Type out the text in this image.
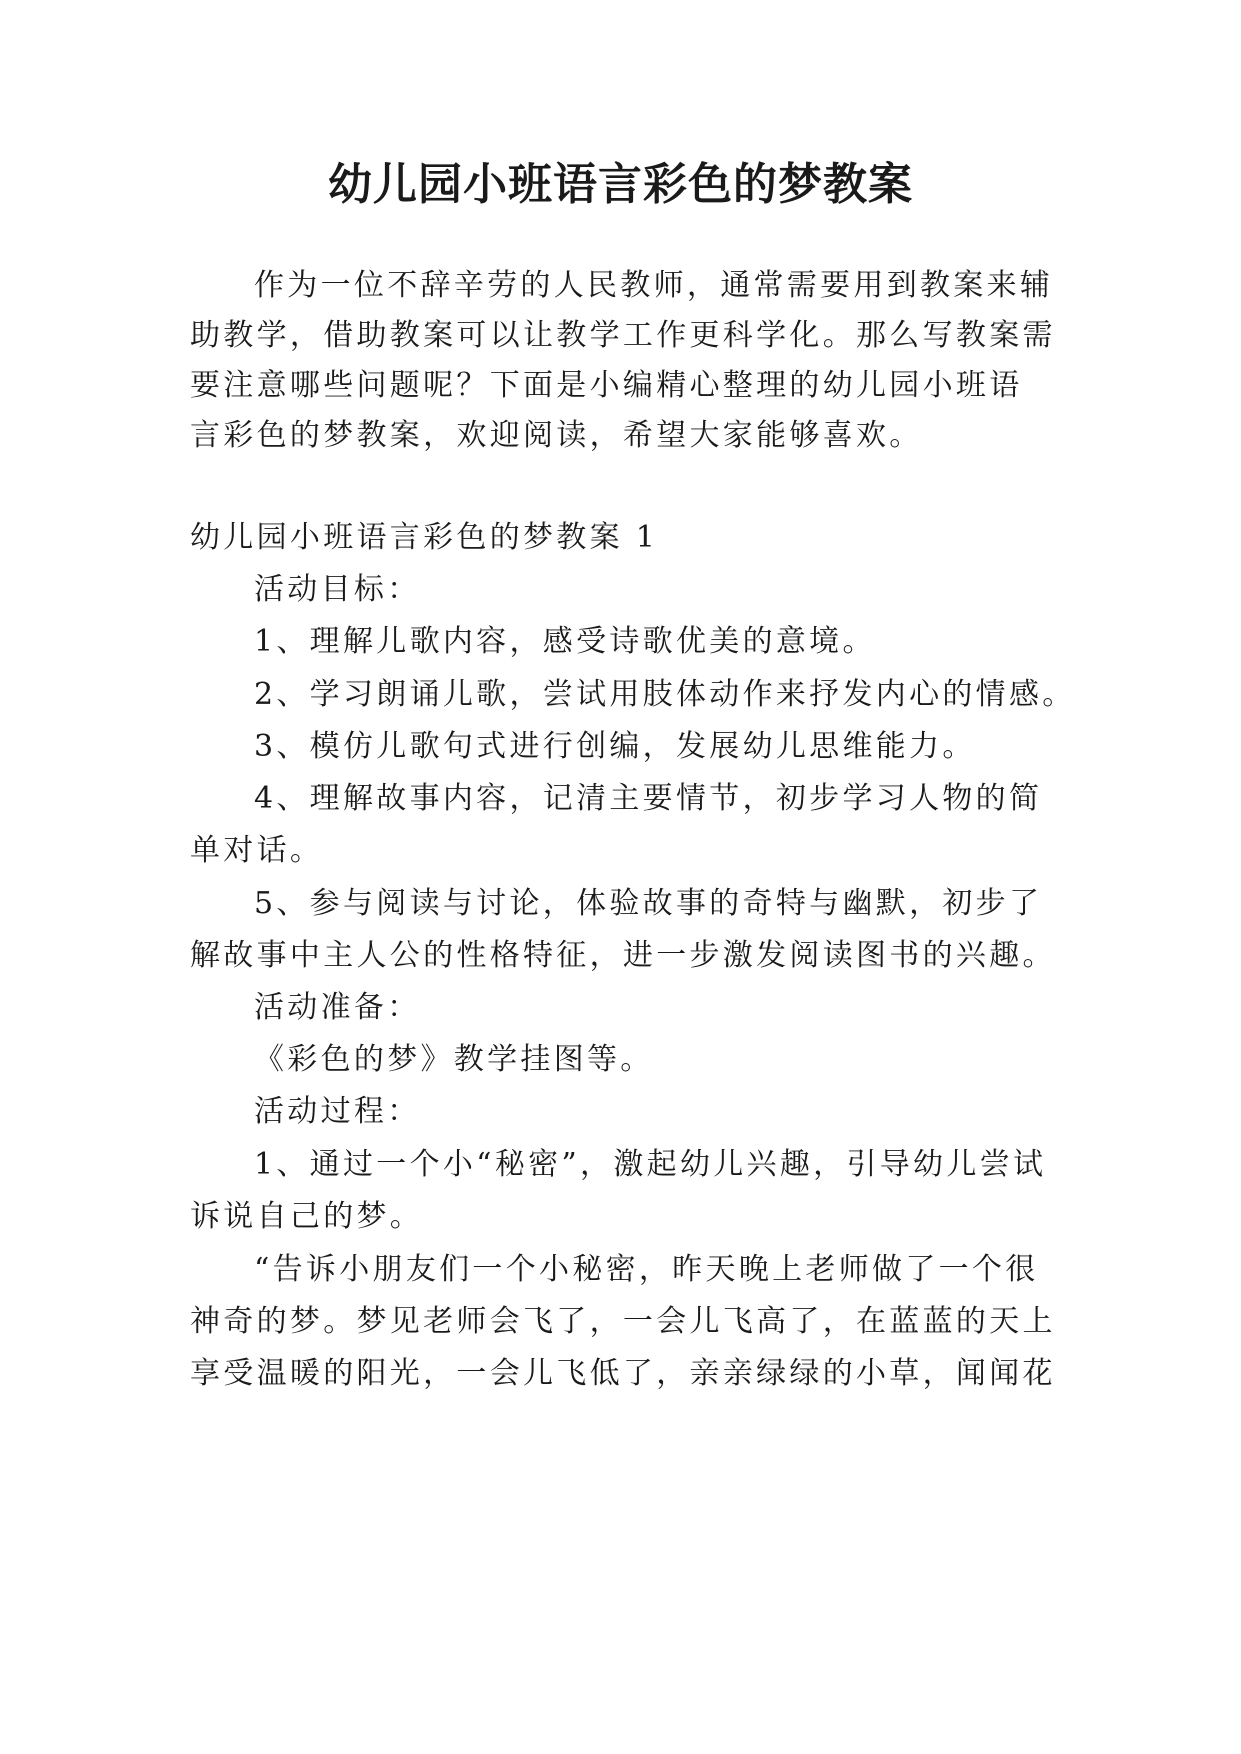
幼儿园小班语言彩色的梦教案

作为一位不辞辛劳的人民教师，通常需要用到教案来辅

助教学，借助教案可以让教学工作更科学化。那么写教案需

要注意哪些问题呢？下面是小编精心整理的幼儿园小班语

言彩色的梦教案，欢迎阅读，希望大家能够喜欢。

幼儿园小班语言彩色的梦教案 1

活动目标：

1、理解儿歌内容，感受诗歌优美的意境。

2、学习朗诵儿歌，尝试用肢体动作来抒发内心的情感。

3、模仿儿歌句式进行创编，发展幼儿思维能力。

4、理解故事内容，记清主要情节，初步学习人物的简

单对话。

5、参与阅读与讨论，体验故事的奇特与幽默，初步了

解故事中主人公的性格特征，进一步激发阅读图书的兴趣。

活动准备：

《彩色的梦》教学挂图等。

活动过程：

1、通过一个小“秘密”，激起幼儿兴趣，引导幼儿尝试

诉说自己的梦。

“告诉小朋友们一个小秘密，昨天晚上老师做了一个很

神奇的梦。梦见老师会飞了，一会儿飞高了，在蓝蓝的天上

享受温暖的阳光，一会儿飞低了，亲亲绿绿的小草，闻闻花
